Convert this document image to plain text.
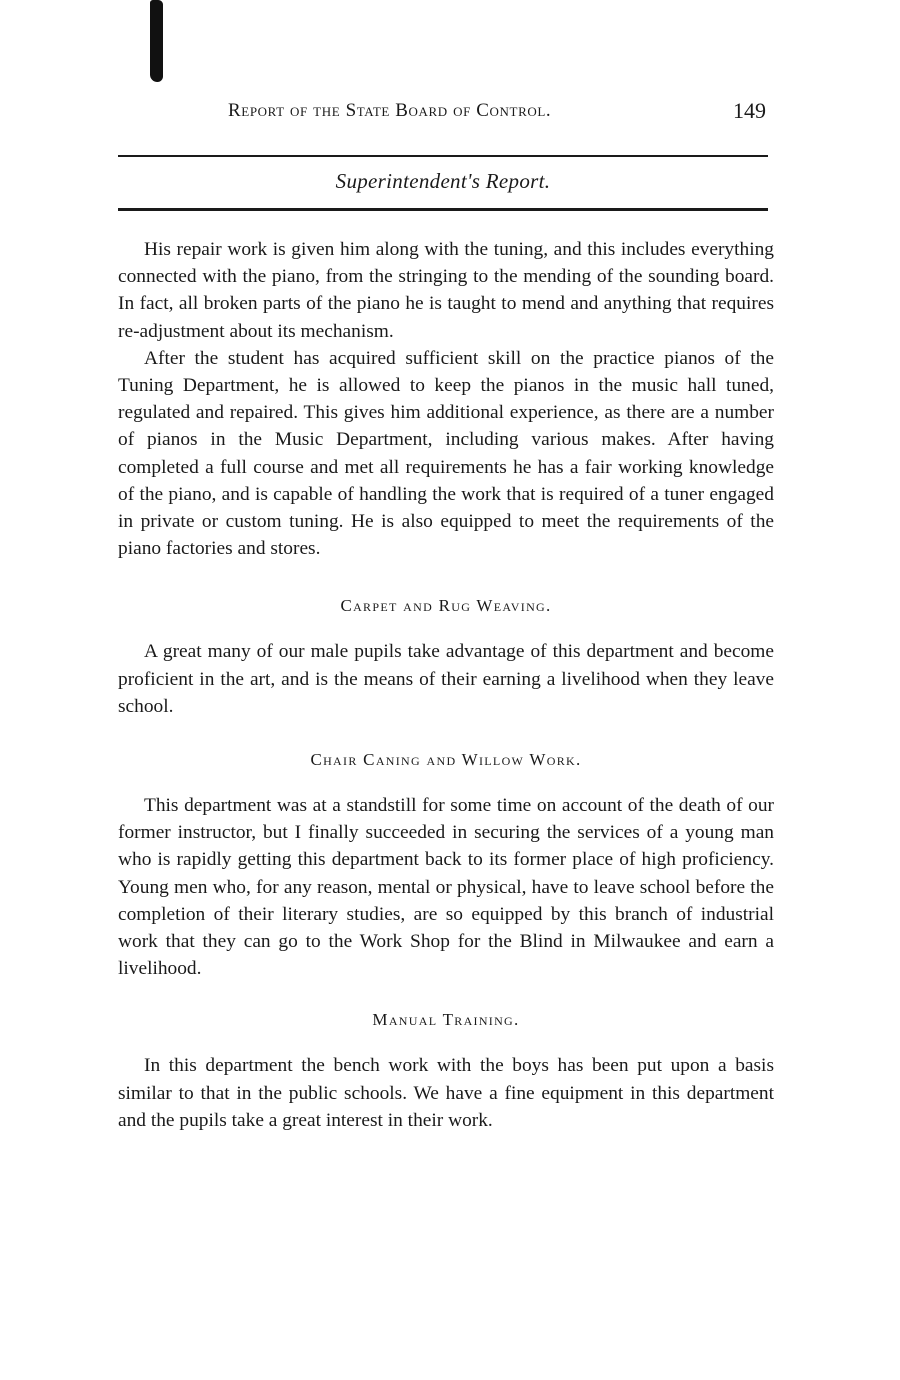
Report of the State Board of Control.	149
Superintendent's Report.

His repair work is given him along with the tuning, and this includes everything connected with the piano, from the stringing to the mending of the sounding board. In fact, all broken parts of the piano he is taught to mend and anything that requires re-adjustment about its mechanism.

After the student has acquired sufficient skill on the practice pianos of the Tuning Department, he is allowed to keep the pianos in the music hall tuned, regulated and repaired. This gives him additional experience, as there are a number of pianos in the Music Department, including various makes. After having completed a full course and met all requirements he has a fair working knowledge of the piano, and is capable of handling the work that is required of a tuner engaged in private or custom tuning. He is also equipped to meet the requirements of the piano factories and stores.

Carpet and Rug Weaving.

A great many of our male pupils take advantage of this department and become proficient in the art, and is the means of their earning a livelihood when they leave school.

Chair Caning and Willow Work.

This department was at a standstill for some time on account of the death of our former instructor, but I finally succeeded in securing the services of a young man who is rapidly getting this department back to its former place of high proficiency. Young men who, for any reason, mental or physical, have to leave school before the completion of their literary studies, are so equipped by this branch of industrial work that they can go to the Work Shop for the Blind in Milwaukee and earn a livelihood.

Manual Training.

In this department the bench work with the boys has been put upon a basis similar to that in the public schools. We have a fine equipment in this department and the pupils take a great interest in their work.
